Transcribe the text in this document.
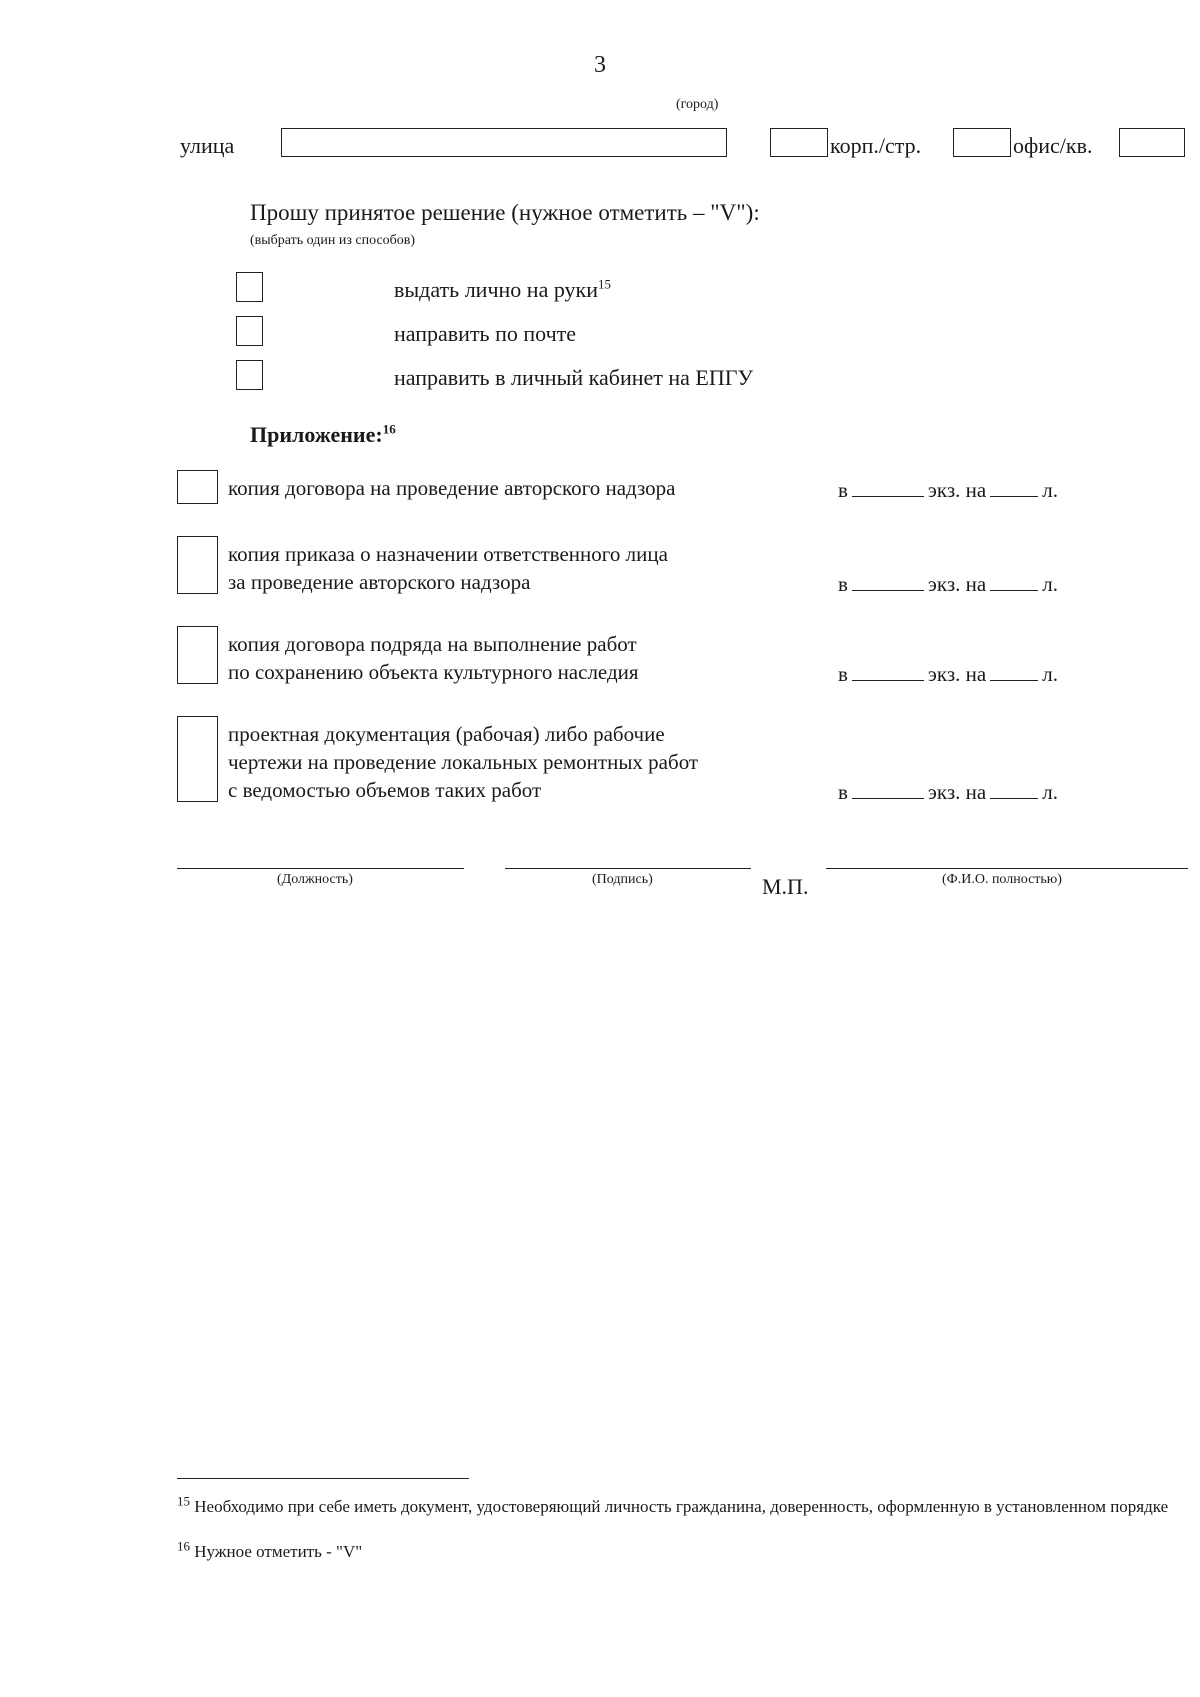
3
(город)
улица	корп./стр.	офис/кв.
Прошу принятое решение (нужное отметить – "V"):
(выбрать один из способов)
выдать лично на руки$^{15}$
направить по почте
направить в личный кабинет на ЕПГУ
Приложение:$^{16}$
копия договора на проведение авторского надзора	в	экз. на	л.
копия приказа о назначении ответственного лица
за проведение авторского надзора	в	экз. на	л.
копия договора подряда на выполнение работ
по сохранению объекта культурного наследия	в	экз. на	л.
проектная документация (рабочая) либо рабочие
чертежи на проведение локальных ремонтных работ
с ведомостью объемов таких работ	в	экз. на	л.
(Должность)	(Подпись)	М.П.	(Ф.И.О. полностью)
$^{15}$ Необходимо при себе иметь документ, удостоверяющий личность гражданина, доверенность, оформленную в установленном порядке
$^{16}$ Нужное отметить - "V"
